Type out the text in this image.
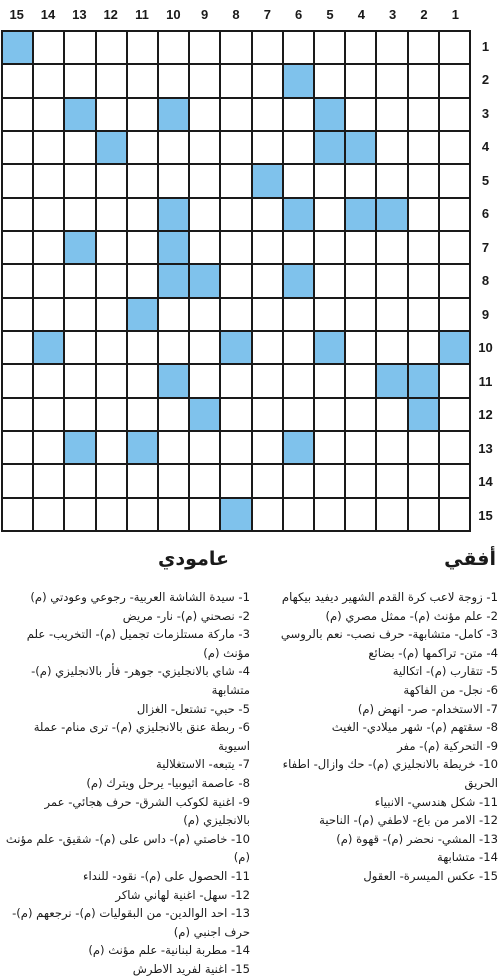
15	14	13	12	11	10	9	8	7	6	5	4	3	2	1
1
2
3
4
5
6
7
8
9
10
11
12
13
14
15
أفقي
عامودي

1- زوجة لاعب كرة القدم الشهير ديفيد بيكهام

2- علم مؤنث (م)- ممثل مصري (م)

3- كامل- متشابهة- حرف نصب- نعم بالروسي

4- متن- تراكمها (م)- بضائع

5- تتقارب (م)- اتكالية

6- نجل- من الفاكهة

7- الاستخدام- صر- انهض (م)

8- سقتهم (م)- شهر ميلادي- الغيث

9- التحركية (م)- مفر

10- خريطة بالانجليزي (م)- حك وازال- اطفاء الحريق

11- شكل هندسي- الانبياء

12- الامر من باع- لاطفي (م)- الناحية

13- المشي- نحضر (م)- قهوة (م)

14- متشابهة

15- عكس الميسرة- العقول

1- سيدة الشاشة العربية- رجوعي وعودتي (م)

2- نصحني (م)- نار- مريض

3- ماركة مستلزمات تجميل (م)- التخريب- علم مؤنث (م)

4- شاي بالانجليزي- جوهر- فأر بالانجليزي (م)- متشابهة

5- حبي- تشتعل- الغزال

6- ربطة عنق بالانجليزي (م)- ترى منام- عملة اسيوية

7- يتبعه- الاستغلالية

8- عاصمة اثيوبيا- يرحل ويترك (م)

9- اغنية لكوكب الشرق- حرف هجائي- عمر بالانجليزي (م)

10- خاصتي (م)- داس على (م)- شقيق- علم مؤنث (م)

11- الحصول على (م)- نقود- للنداء

12- سهل- اغنية لهاني شاكر

13- احد الوالدين- من البقوليات (م)- نرجعهم (م)- حرف اجنبي (م)

14- مطربة لبنانية- علم مؤنث (م)

15- اغنية لفريد الاطرش
